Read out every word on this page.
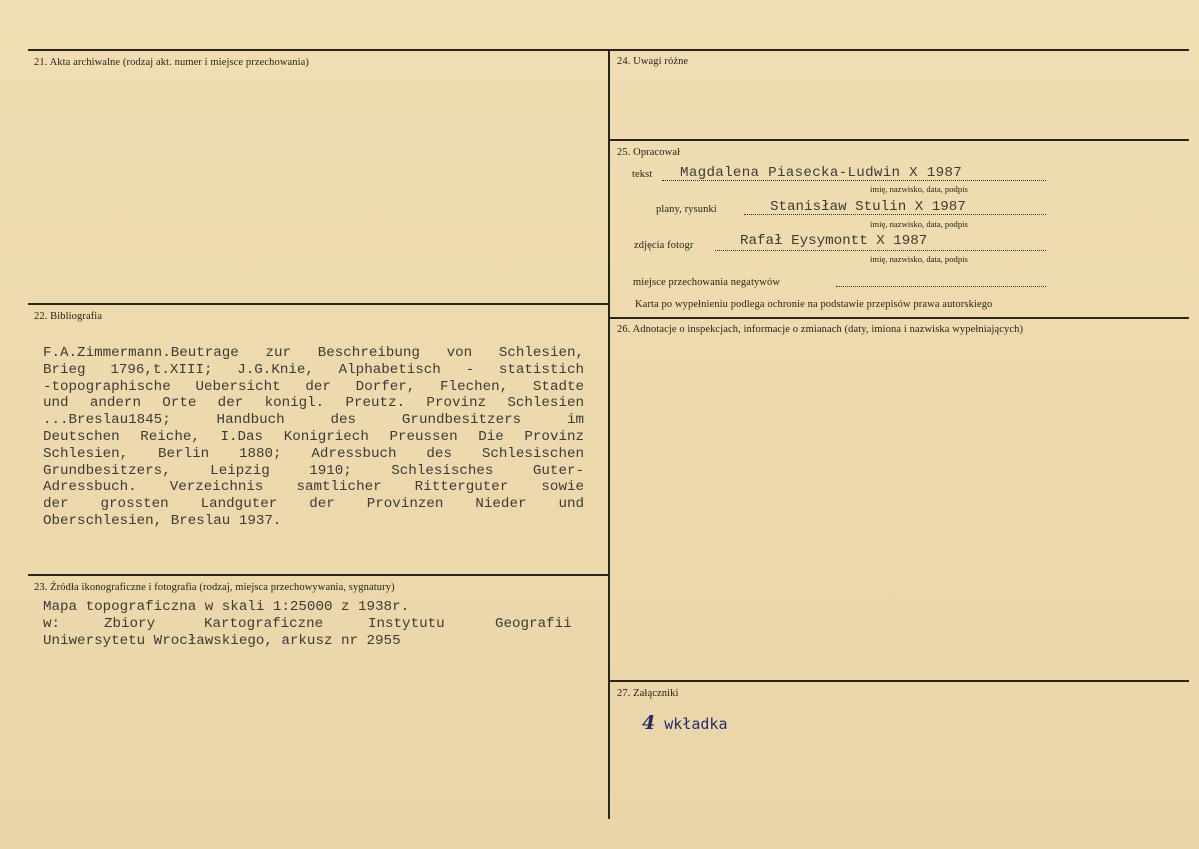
21. Akta archiwalne (rodzaj akt. numer i miejsce przechowania)
22. Bibliografia
F.A.Zimmermann.Beutrage zur Beschreibung von Schlesien,
Brieg 1796,t.XIII; J.G.Knie, Alphabetisch - statistich
-topographische Uebersicht der Dorfer, Flechen, Stadte
und andern Orte der konigl. Preutz. Provinz Schlesien
...Breslau1845; Handbuch des Grundbesitzers im
Deutschen Reiche, I.Das Konigriech Preussen Die Provinz
Schlesien, Berlin 1880; Adressbuch des Schlesischen
Grundbesitzers, Leipzig 1910; Schlesisches Guter-
Adressbuch. Verzeichnis samtlicher Ritterguter sowie
der grossten Landguter der Provinzen Nieder und
Oberschlesien, Breslau 1937.
23. Źródła ikonograficzne i fotografia (rodzaj, miejsca przechowywania, sygnatury)
Mapa topograficzna w skali 1:25000 z 1938r.
w:	Zbiory	Kartograficzne	Instytutu	Geografii
Uniwersytetu Wrocławskiego, arkusz nr 2955
24. Uwagi różne
25. Opracował
tekst Magdalena Piasecka-Ludwin X 1987
imię, nazwisko, data, podpis
plany, rysunki	Stanisław Stulin X 1987
imię, nazwisko, data, podpis
zdjęcia fotogr	Rafał Eysymontt X 1987
imię, nazwisko, data, podpis
miejsce przechowania negatywów
Karta po wypełnieniu podlega ochronie na podstawie przepisów prawa autorskiego
26. Adnotacje o inspekcjach, informacje o zmianach (daty, imiona i nazwiska wypełniających)
27. Załączniki
4 wkładka
